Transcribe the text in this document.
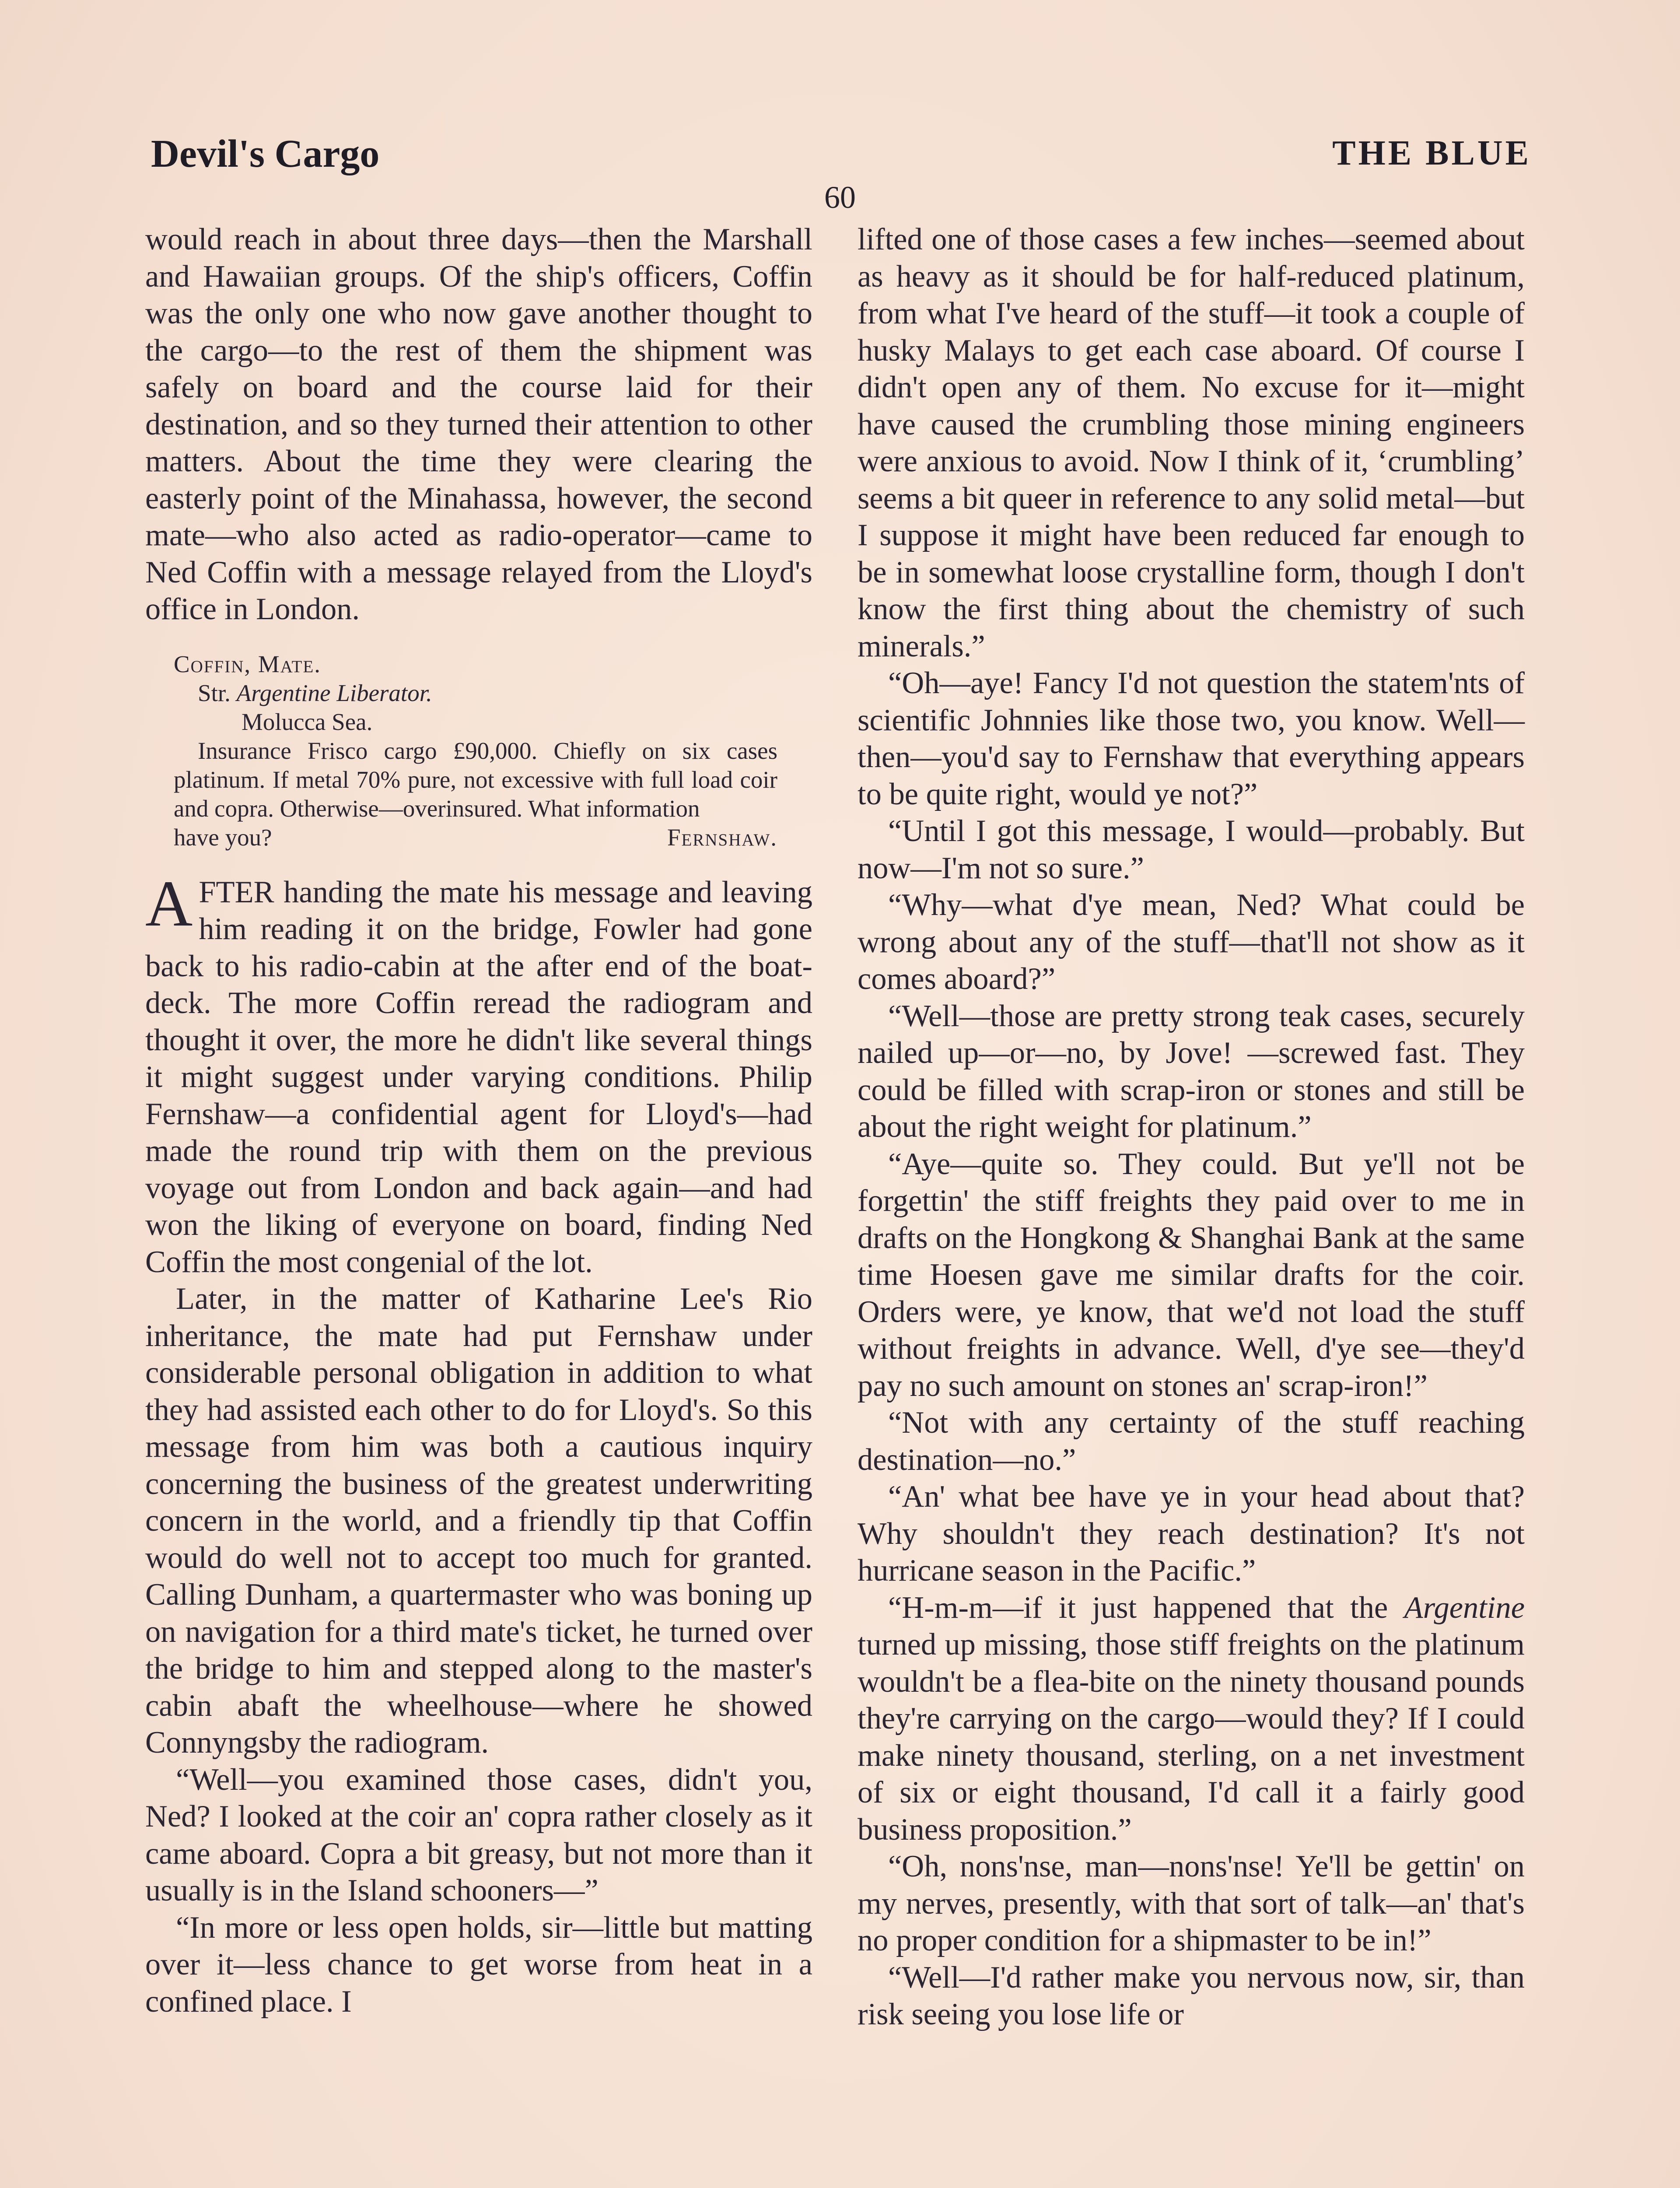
Devil's Cargo	THE BLUE
60

would reach in about three days—then the Marshall and Hawaiian groups. Of the ship's officers, Coffin was the only one who now gave another thought to the cargo—to the rest of them the shipment was safely on board and the course laid for their destination, and so they turned their attention to other matters. About the time they were clearing the easterly point of the Minahassa, however, the second mate—who also acted as radio-operator—came to Ned Coffin with a message relayed from the Lloyd's office in London.

Coffin, Mate.
Str. Argentine Liberator.
Molucca Sea.
Insurance Frisco cargo £90,000. Chiefly on six cases platinum. If metal 70% pure, not excessive with full load coir and copra. Otherwise—overinsured. What information
have you?	Fernshaw.

AFTER handing the mate his message and leaving him reading it on the bridge, Fowler had gone back to his radio-cabin at the after end of the boat-deck. The more Coffin reread the radiogram and thought it over, the more he didn't like several things it might suggest under varying conditions. Philip Fernshaw—a confidential agent for Lloyd's—had made the round trip with them on the previous voyage out from London and back again—and had won the liking of everyone on board, finding Ned Coffin the most congenial of the lot.

Later, in the matter of Katharine Lee's Rio inheritance, the mate had put Fernshaw under considerable personal obligation in addition to what they had assisted each other to do for Lloyd's. So this message from him was both a cautious inquiry concerning the business of the greatest underwriting concern in the world, and a friendly tip that Coffin would do well not to accept too much for granted. Calling Dunham, a quartermaster who was boning up on navigation for a third mate's ticket, he turned over the bridge to him and stepped along to the master's cabin abaft the wheelhouse—where he showed Connyngsby the radiogram.

“Well—you examined those cases, didn't you, Ned? I looked at the coir an' copra rather closely as it came aboard. Copra a bit greasy, but not more than it usually is in the Island schooners—”

“In more or less open holds, sir—little but matting over it—less chance to get worse from heat in a confined place. I

lifted one of those cases a few inches—seemed about as heavy as it should be for half-reduced platinum, from what I've heard of the stuff—it took a couple of husky Malays to get each case aboard. Of course I didn't open any of them. No excuse for it—might have caused the crumbling those mining engineers were anxious to avoid. Now I think of it, ‘crumbling’ seems a bit queer in reference to any solid metal—but I suppose it might have been reduced far enough to be in somewhat loose crystalline form, though I don't know the first thing about the chemistry of such minerals.”

“Oh—aye! Fancy I'd not question the statem'nts of scientific Johnnies like those two, you know. Well—then—you'd say to Fernshaw that everything appears to be quite right, would ye not?”

“Until I got this message, I would—probably. But now—I'm not so sure.”

“Why—what d'ye mean, Ned? What could be wrong about any of the stuff—that'll not show as it comes aboard?”

“Well—those are pretty strong teak cases, securely nailed up—or—no, by Jove! —screwed fast. They could be filled with scrap-iron or stones and still be about the right weight for platinum.”

“Aye—quite so. They could. But ye'll not be forgettin' the stiff freights they paid over to me in drafts on the Hongkong & Shanghai Bank at the same time Hoesen gave me similar drafts for the coir. Orders were, ye know, that we'd not load the stuff without freights in advance. Well, d'ye see—they'd pay no such amount on stones an' scrap-iron!”

“Not with any certainty of the stuff reaching destination—no.”

“An' what bee have ye in your head about that? Why shouldn't they reach destination? It's not hurricane season in the Pacific.”

“H-m-m—if it just happened that the Argentine turned up missing, those stiff freights on the platinum wouldn't be a flea-bite on the ninety thousand pounds they're carrying on the cargo—would they? If I could make ninety thousand, sterling, on a net investment of six or eight thousand, I'd call it a fairly good business proposition.”

“Oh, nons'nse, man—nons'nse! Ye'll be gettin' on my nerves, presently, with that sort of talk—an' that's no proper condition for a shipmaster to be in!”

“Well—I'd rather make you nervous now, sir, than risk seeing you lose life or
